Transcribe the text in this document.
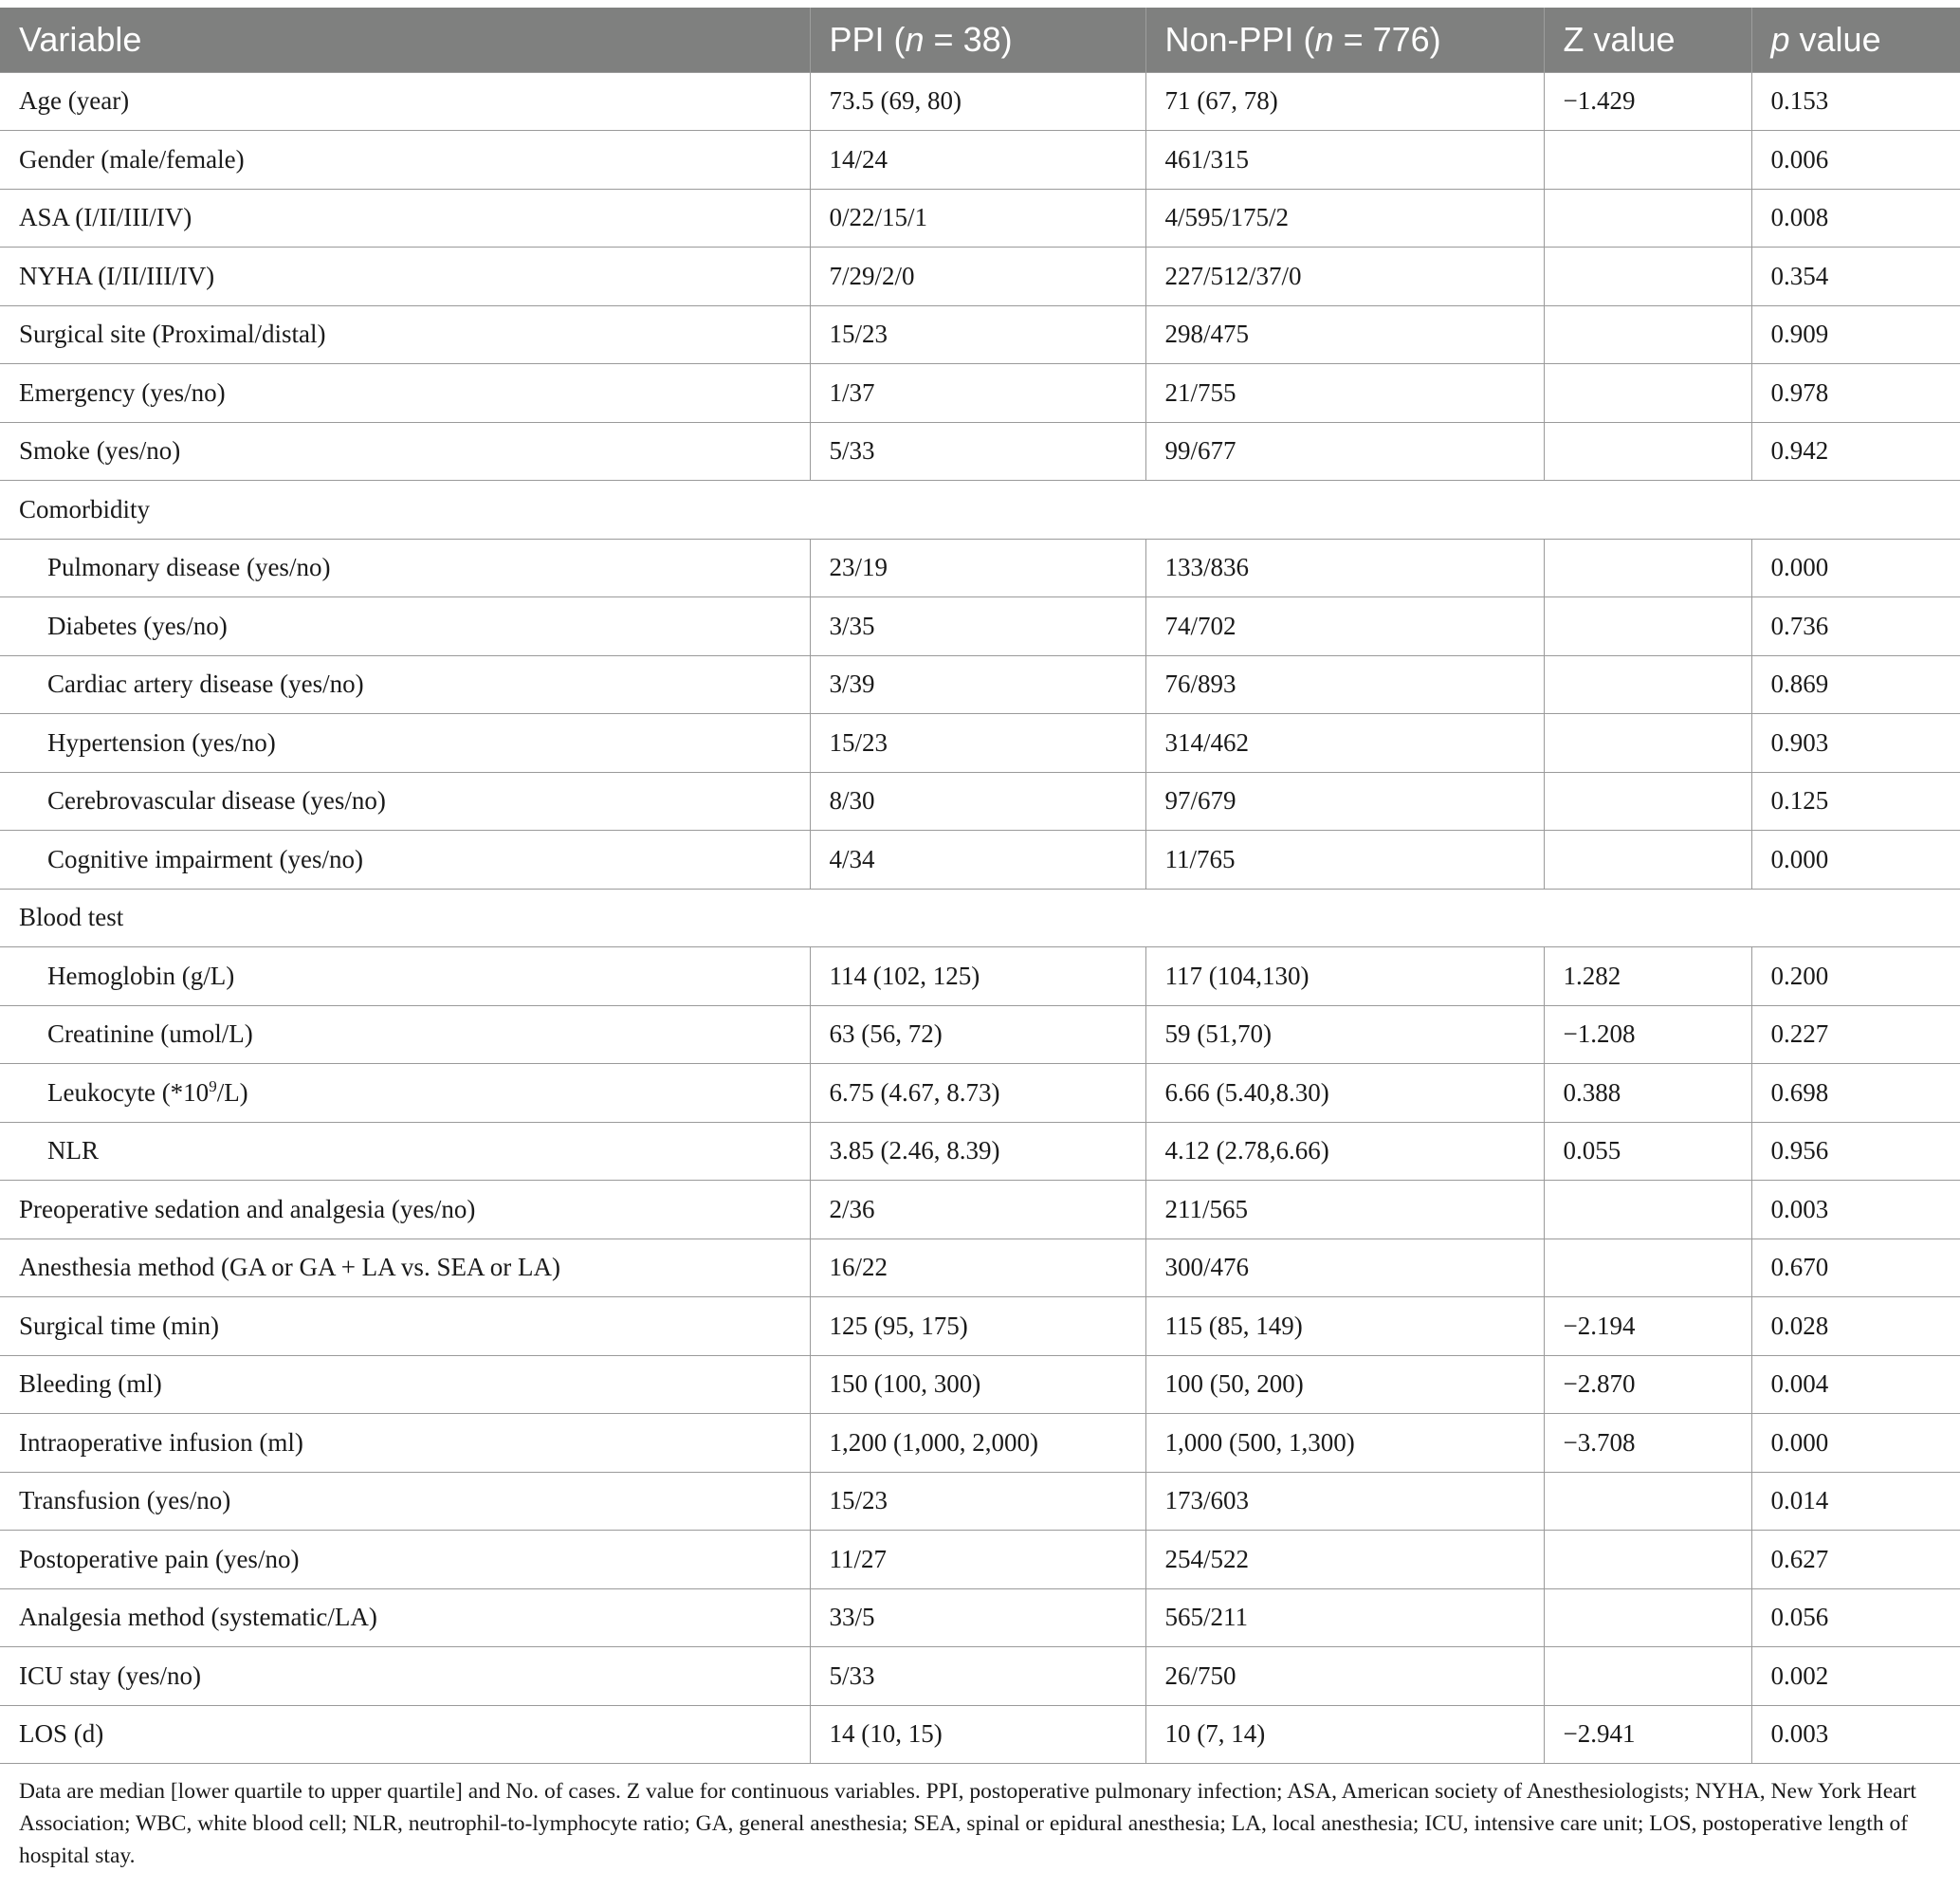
Variable	PPI (n = 38)	Non-PPI (n = 776)	Z value	p value
Age (year)	73.5 (69, 80)	71 (67, 78)	−1.429	0.153
Gender (male/female)	14/24	461/315		0.006
ASA (I/II/III/IV)	0/22/15/1	4/595/175/2		0.008
NYHA (I/II/III/IV)	7/29/2/0	227/512/37/0		0.354
Surgical site (Proximal/distal)	15/23	298/475		0.909
Emergency (yes/no)	1/37	21/755		0.978
Smoke (yes/no)	5/33	99/677		0.942
Comorbidity				
Pulmonary disease (yes/no)	23/19	133/836		0.000
Diabetes (yes/no)	3/35	74/702		0.736
Cardiac artery disease (yes/no)	3/39	76/893		0.869
Hypertension (yes/no)	15/23	314/462		0.903
Cerebrovascular disease (yes/no)	8/30	97/679		0.125
Cognitive impairment (yes/no)	4/34	11/765		0.000
Blood test				
Hemoglobin (g/L)	114 (102, 125)	117 (104,130)	1.282	0.200
Creatinine (umol/L)	63 (56, 72)	59 (51,70)	−1.208	0.227
Leukocyte $(*10^9/L)$	6.75 (4.67, 8.73)	6.66 (5.40,8.30)	0.388	0.698
NLR	3.85 (2.46, 8.39)	4.12 (2.78,6.66)	0.055	0.956
Preoperative sedation and analgesia (yes/no)	2/36	211/565		0.003
Anesthesia method (GA or GA + LA vs. SEA or LA)	16/22	300/476		0.670
Surgical time (min)	125 (95, 175)	115 (85, 149)	−2.194	0.028
Bleeding (ml)	150 (100, 300)	100 (50, 200)	−2.870	0.004
Intraoperative infusion (ml)	1,200 (1,000, 2,000)	1,000 (500, 1,300)	−3.708	0.000
Transfusion (yes/no)	15/23	173/603		0.014
Postoperative pain (yes/no)	11/27	254/522		0.627
Analgesia method (systematic/LA)	33/5	565/211		0.056
ICU stay (yes/no)	5/33	26/750		0.002
LOS (d)	14 (10, 15)	10 (7, 14)	−2.941	0.003
Data are median [lower quartile to upper quartile] and No. of cases. Z value for continuous variables. PPI, postoperative pulmonary infection; ASA, American society of Anesthesiologists; NYHA, New York Heart Association; WBC, white blood cell; NLR, neutrophil-to-lymphocyte ratio; GA, general anesthesia; SEA, spinal or epidural anesthesia; LA, local anesthesia; ICU, intensive care unit; LOS, postoperative length of hospital stay.
